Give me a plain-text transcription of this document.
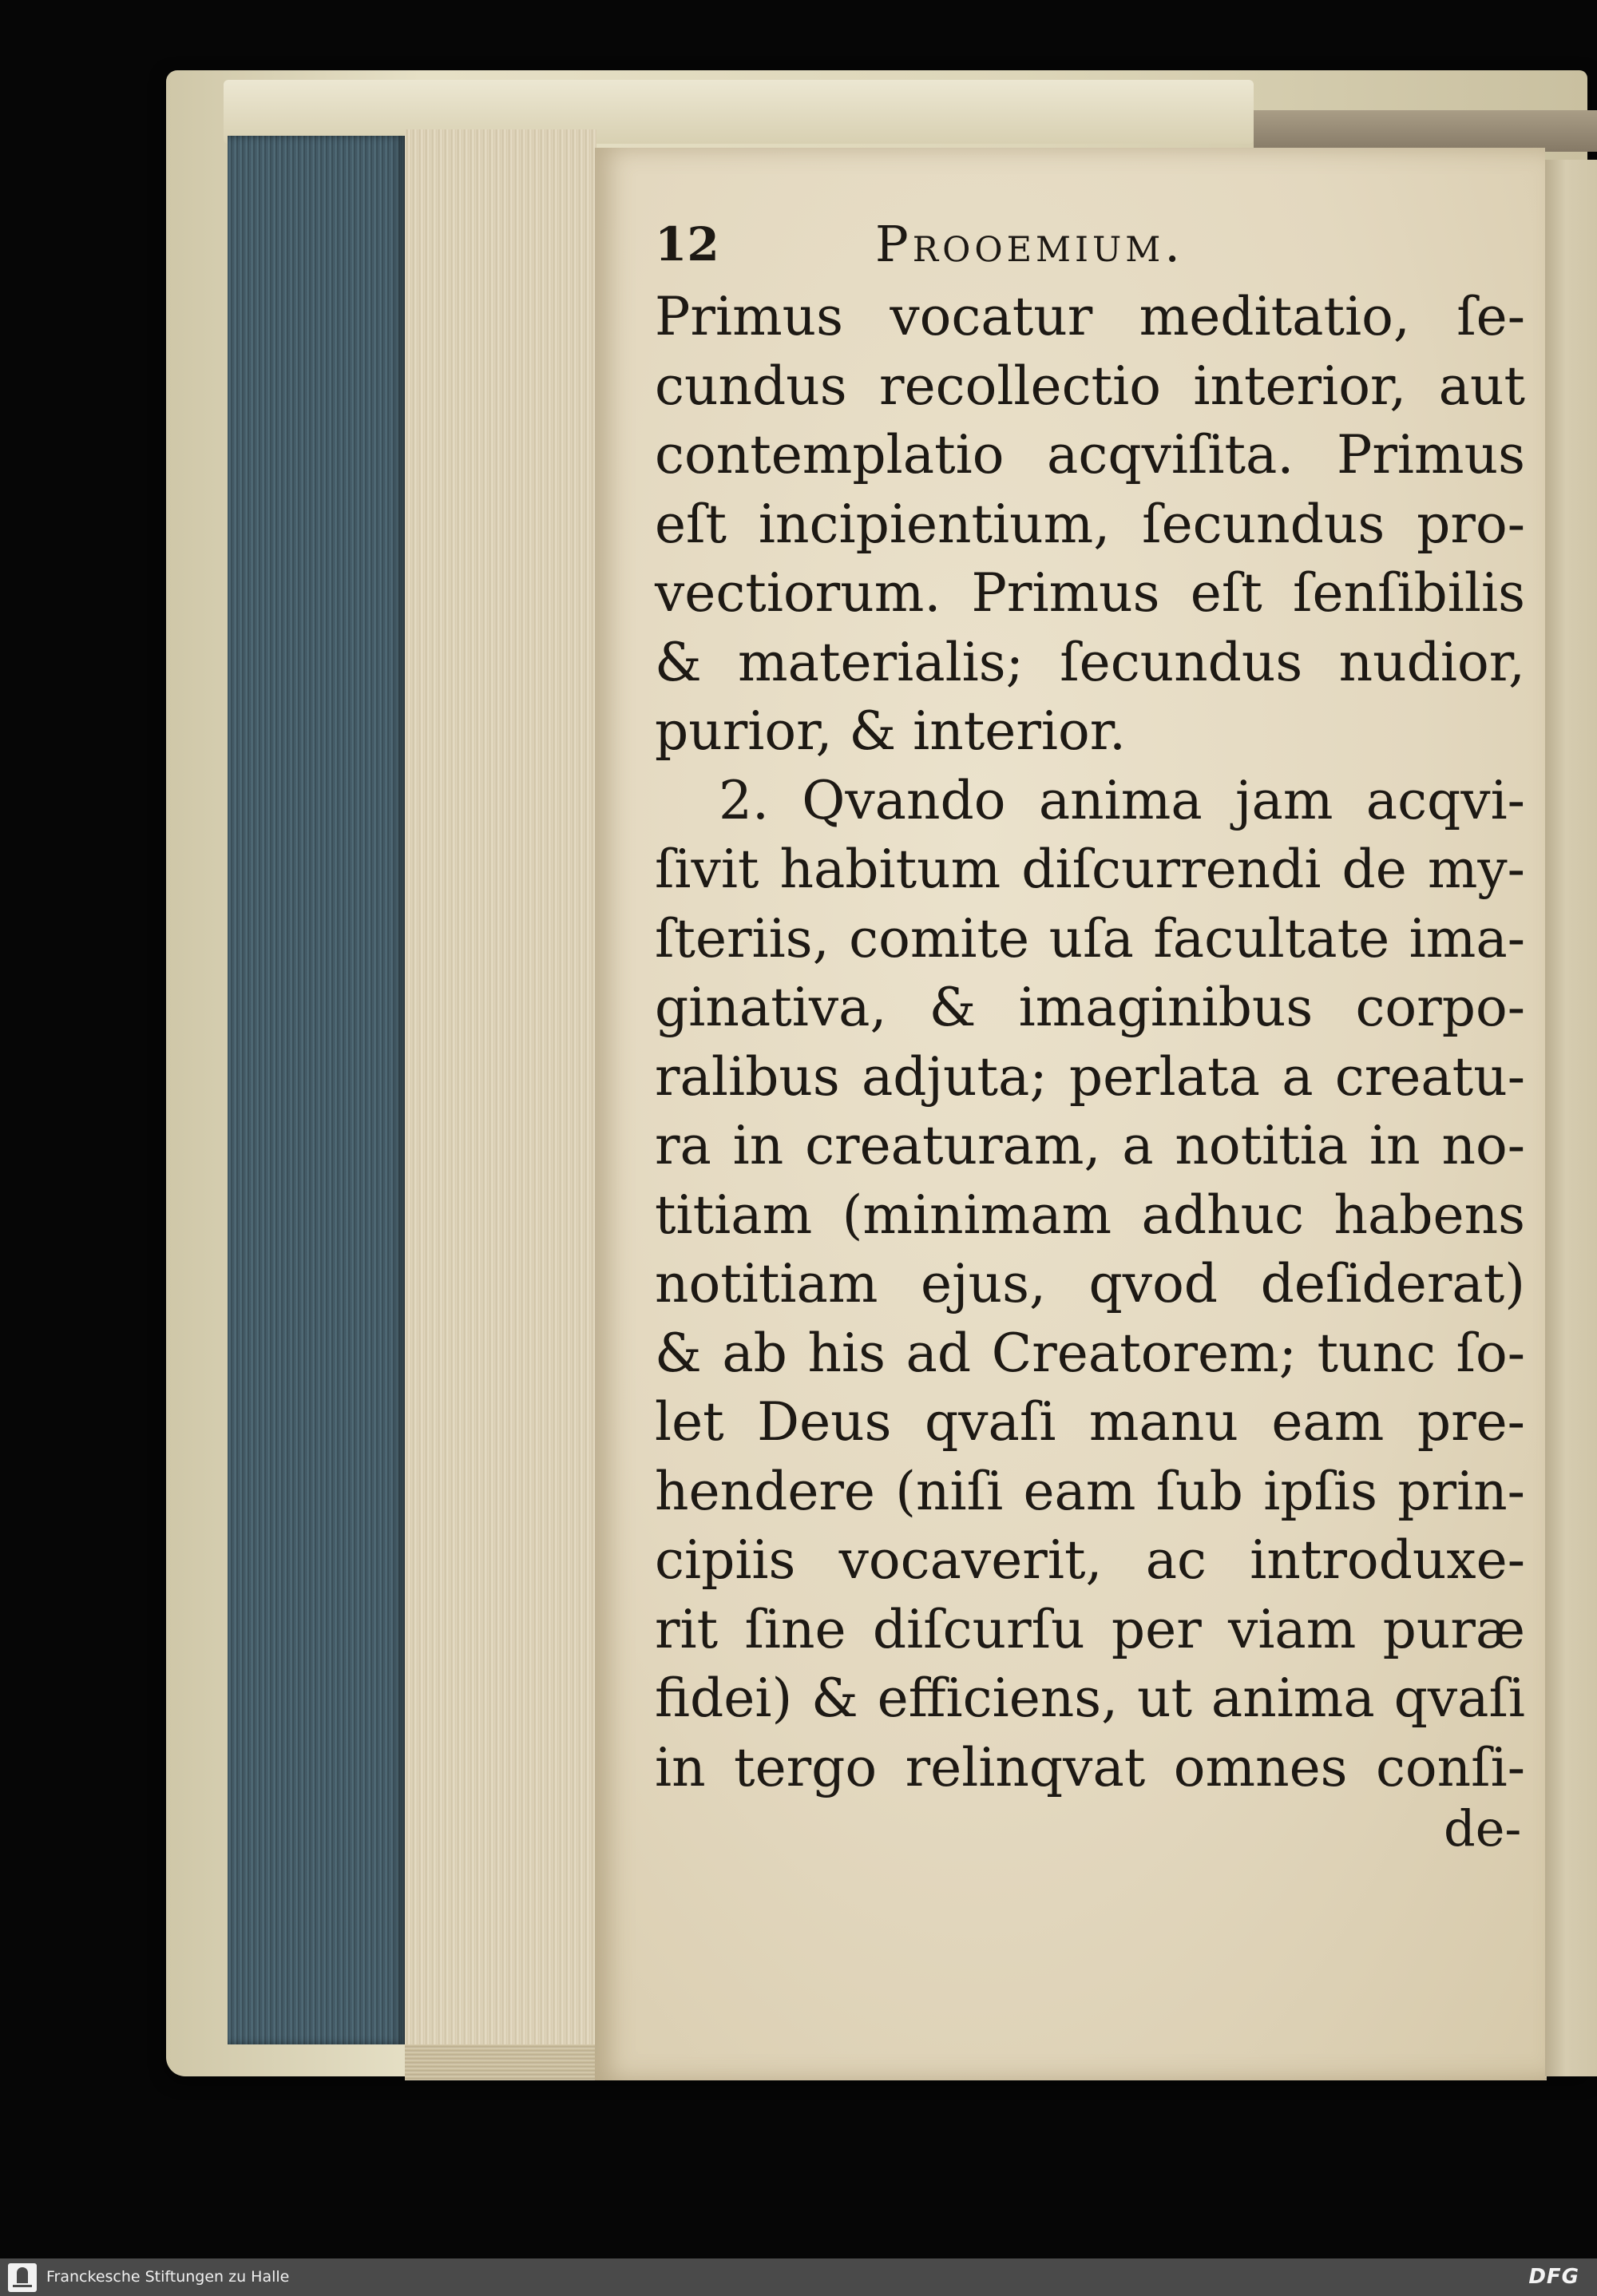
12	Prooemium.
Primus vocatur meditatio, ſe-
cundus recollectio interior, aut
contemplatio acqviſita. Primus
eſt incipientium, ſecundus pro-
vectiorum. Primus eſt ſenſibilis
& materialis; ſecundus nudior,
purior, & interior.
2. Qvando anima jam acqvi-
ſivit habitum diſcurrendi de my-
ſteriis, comite uſa facultate ima-
ginativa, & imaginibus corpo-
ralibus adjuta; perlata a creatu-
ra in creaturam, a notitia in no-
titiam (minimam adhuc habens
notitiam ejus, qvod deſiderat)
& ab his ad Creatorem; tunc ſo-
let Deus qvaſi manu eam pre-
hendere (niſi eam ſub ipſis prin-
cipiis vocaverit, ac introduxe-
rit ſine diſcurſu per viam puræ
fidei) & efficiens, ut anima qvaſi
in tergo relinqvat omnes conſi-
de-
Franckesche Stiftungen zu Halle	DFG
